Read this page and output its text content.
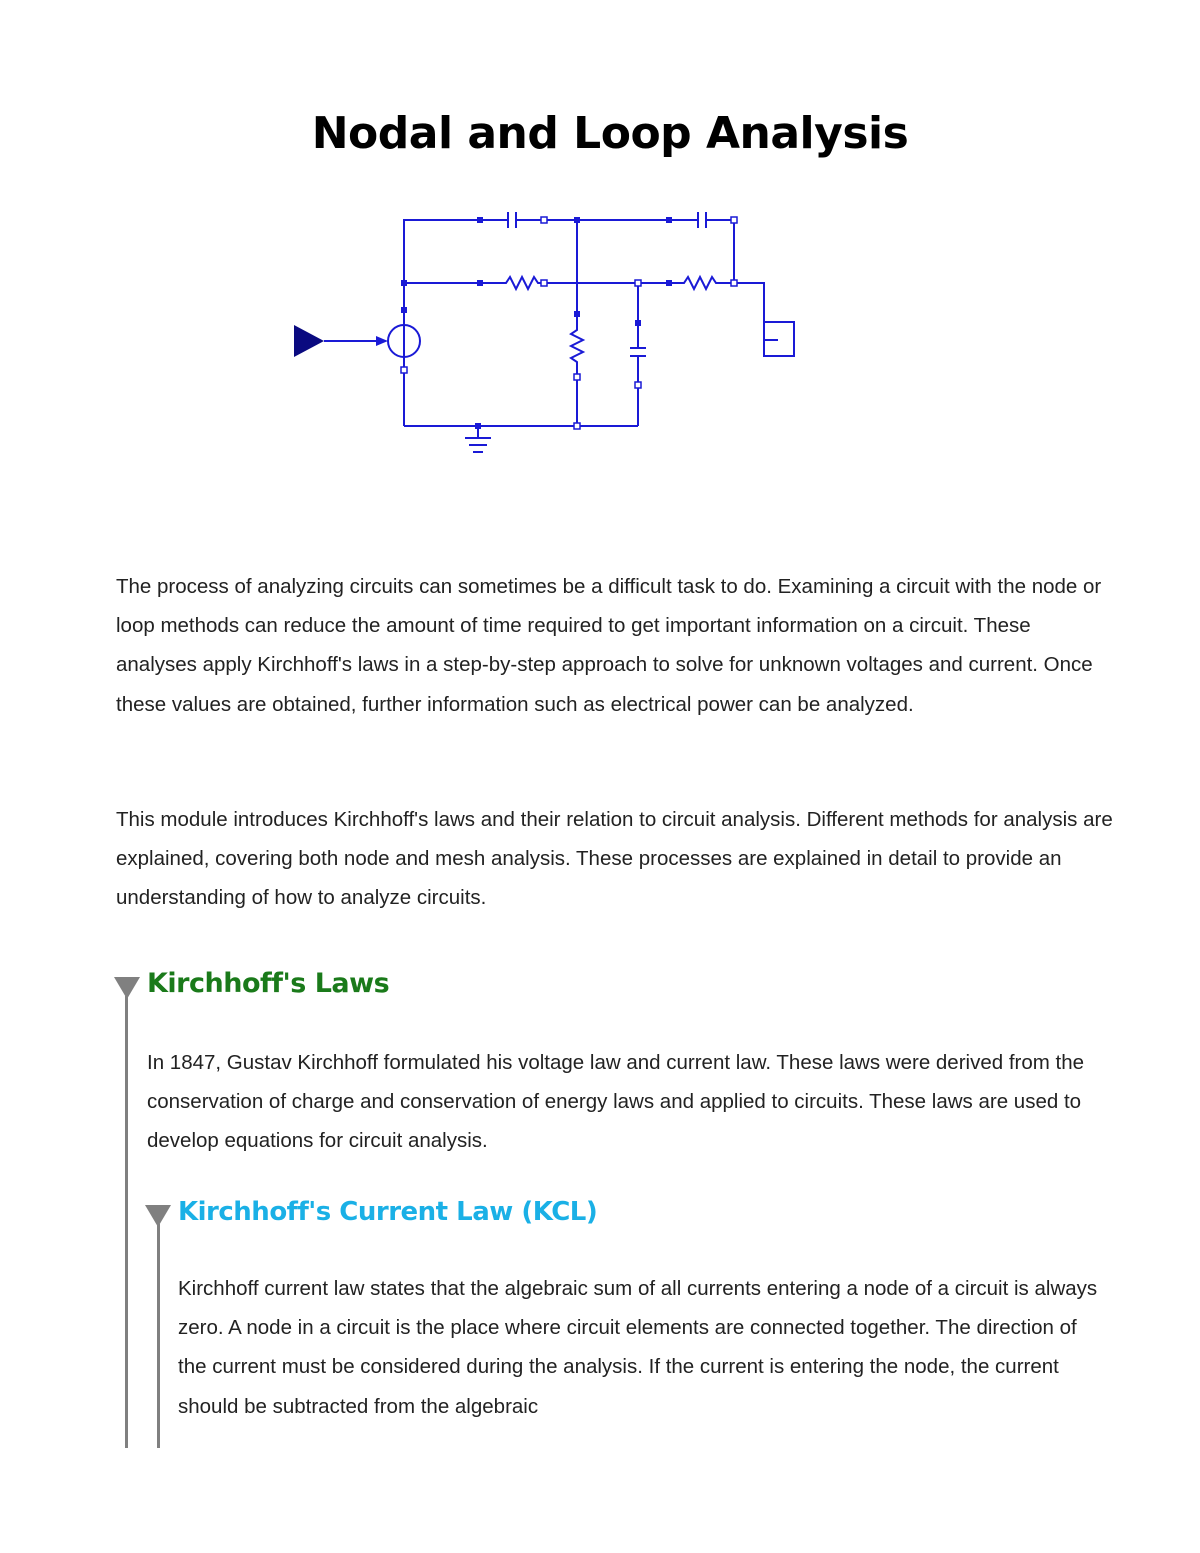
Nodal and Loop Analysis

The process of analyzing circuits can sometimes be a difficult task to do. Examining a circuit with the node or loop methods can reduce the amount of time required to get important information on a circuit. These analyses apply Kirchhoff's laws in a step-by-step approach to solve for unknown voltages and current. Once these values are obtained, further information such as electrical power can be analyzed.

This module introduces Kirchhoff's laws and their relation to circuit analysis. Different methods for analysis are explained, covering both node and mesh analysis. These processes are explained in detail to provide an understanding of how to analyze circuits.

Kirchhoff's Laws

In 1847, Gustav Kirchhoff formulated his voltage law and current law. These laws were derived from the conservation of charge and conservation of energy laws and applied to circuits. These laws are used to develop equations for circuit analysis.

Kirchhoff's Current Law (KCL)

Kirchhoff current law states that the algebraic sum of all currents entering a node of a circuit is always zero. A node in a circuit is the place where circuit elements are connected together. The direction of the current must be considered during the analysis. If the current is entering the node, the current should be subtracted from the algebraic
